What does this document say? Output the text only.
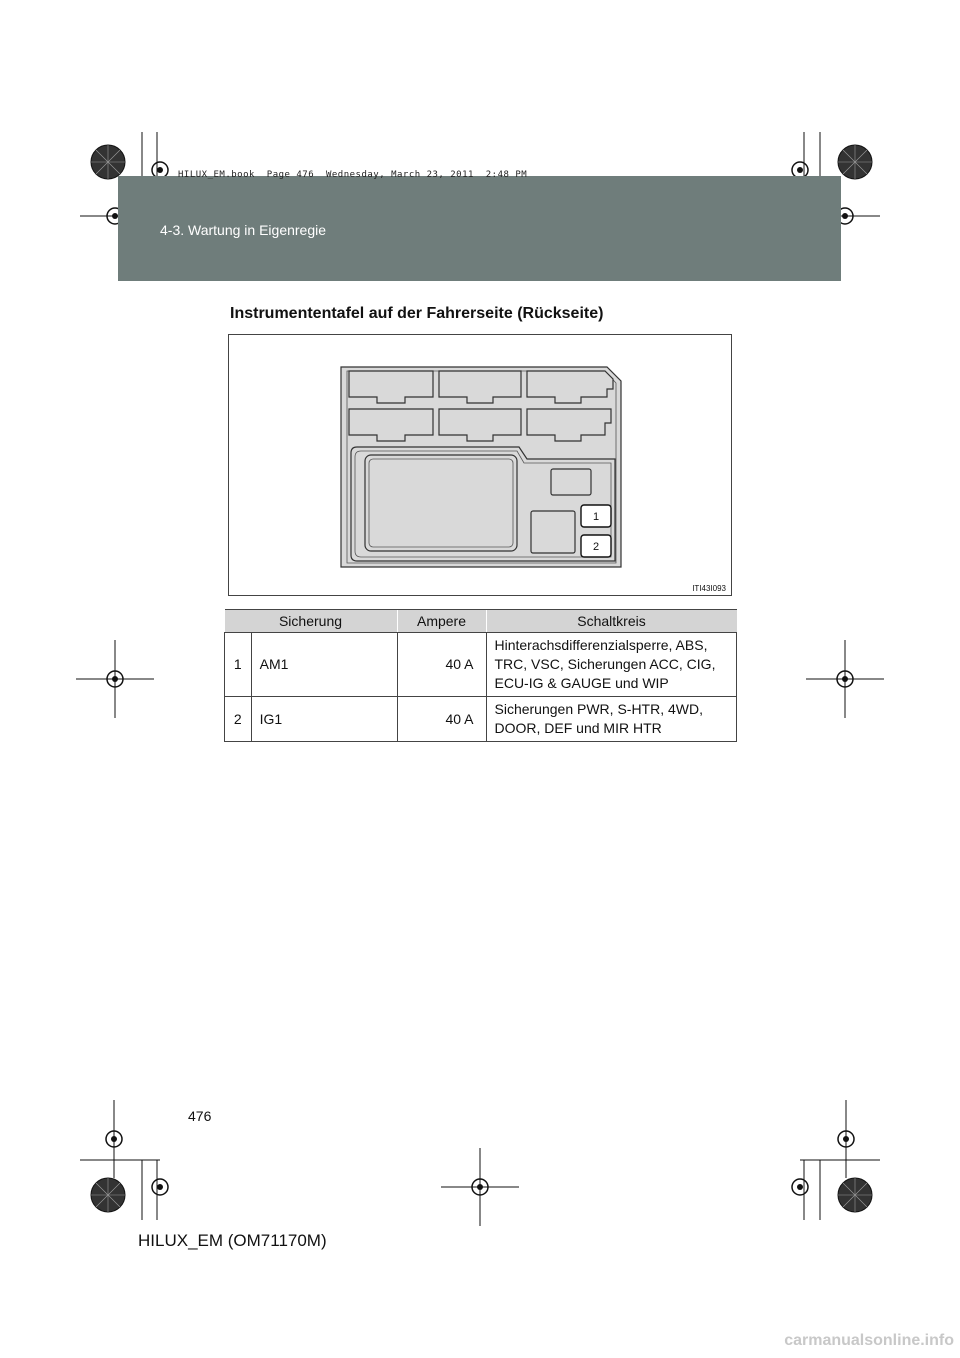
HILUX_EM.book  Page 476  Wednesday, March 23, 2011  2:48 PM
4-3. Wartung in Eigenregie
Instrumententafel auf der Fahrerseite (Rückseite)
1
2
ITI43I093
Sicherung		Ampere	Schaltkreis
1	AM1	40 A	Hinterachsdifferenzialsperre, ABS, TRC, VSC, Sicherungen ACC, CIG, ECU-IG & GAUGE und WIP
2	IG1	40 A	Sicherungen PWR, S-HTR, 4WD, DOOR, DEF und MIR HTR
476
HILUX_EM (OM71170M)
carmanualsonline.info
